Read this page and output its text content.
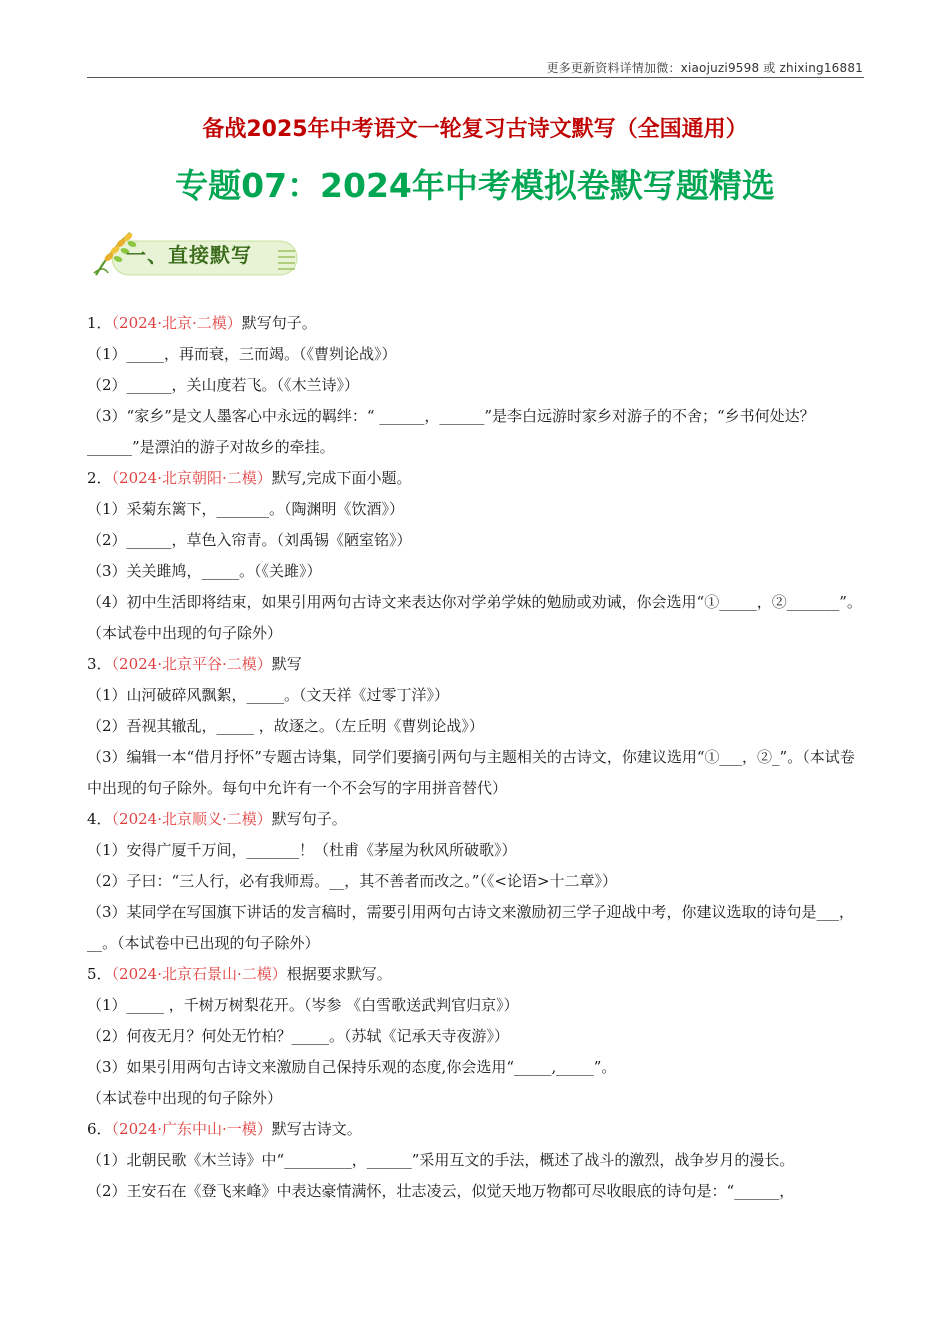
更多更新资料详情加微：xiaojuzi9598 或 zhixing16881
备战2025年中考语文一轮复习古诗文默写（全国通用）
专题07：2024年中考模拟卷默写题精选
一、直接默写
1．（2024·北京·二模）默写句子。
（1）_____，再而衰，三而竭。（《曹刿论战》）
（2）______，关山度若飞。（《木兰诗》）
（3）“家乡”是文人墨客心中永远的羁绊：“ ______，______”是李白远游时家乡对游子的不舍；“乡书何处达？______”是漂泊的游子对故乡的牵挂。
2．（2024·北京朝阳·二模）默写,完成下面小题。
（1）采菊东篱下，_______。（陶渊明《饮酒》）
（2）______，草色入帘青。（刘禹锡《陋室铭》）
（3）关关雎鸠，_____。（《关雎》）
（4）初中生活即将结束，如果引用两句古诗文来表达你对学弟学妹的勉励或劝诫，你会选用“①_____，②_______”。（本试卷中出现的句子除外）
3．（2024·北京平谷·二模）默写
（1）山河破碎风飘絮，_____。（文天祥《过零丁洋》）
（2）吾视其辙乱，_____ ，故逐之。（左丘明《曹刿论战》）
（3）编辑一本“借月抒怀”专题古诗集，同学们要摘引两句与主题相关的古诗文，你建议选用“①___，②_”。（本试卷中出现的句子除外。每句中允许有一个不会写的字用拼音替代）
4．（2024·北京顺义·二模）默写句子。
（1）安得广厦千万间，_______！（杜甫《茅屋为秋风所破歌》）
（2）子曰：“三人行，必有我师焉。__，其不善者而改之。”（《<论语>十二章》）
（3）某同学在写国旗下讲话的发言稿时，需要引用两句古诗文来激励初三学子迎战中考，你建议选取的诗句是___，__。（本试卷中已出现的句子除外）
5．（2024·北京石景山·二模）根据要求默写。
（1）_____ ，千树万树梨花开。（岑参 《白雪歌送武判官归京》）
（2）何夜无月？何处无竹柏？_____。（苏轼《记承天寺夜游》）
（3）如果引用两句古诗文来激励自己保持乐观的态度,你会选用“_____,_____”。
（本试卷中出现的句子除外）
6．（2024·广东中山·一模）默写古诗文。
（1）北朝民歌《木兰诗》中“_________，______”采用互文的手法，概述了战斗的激烈，战争岁月的漫长。
（2）王安石在《登飞来峰》中表达豪情满怀，壮志凌云，似觉天地万物都可尽收眼底的诗句是：“______，
